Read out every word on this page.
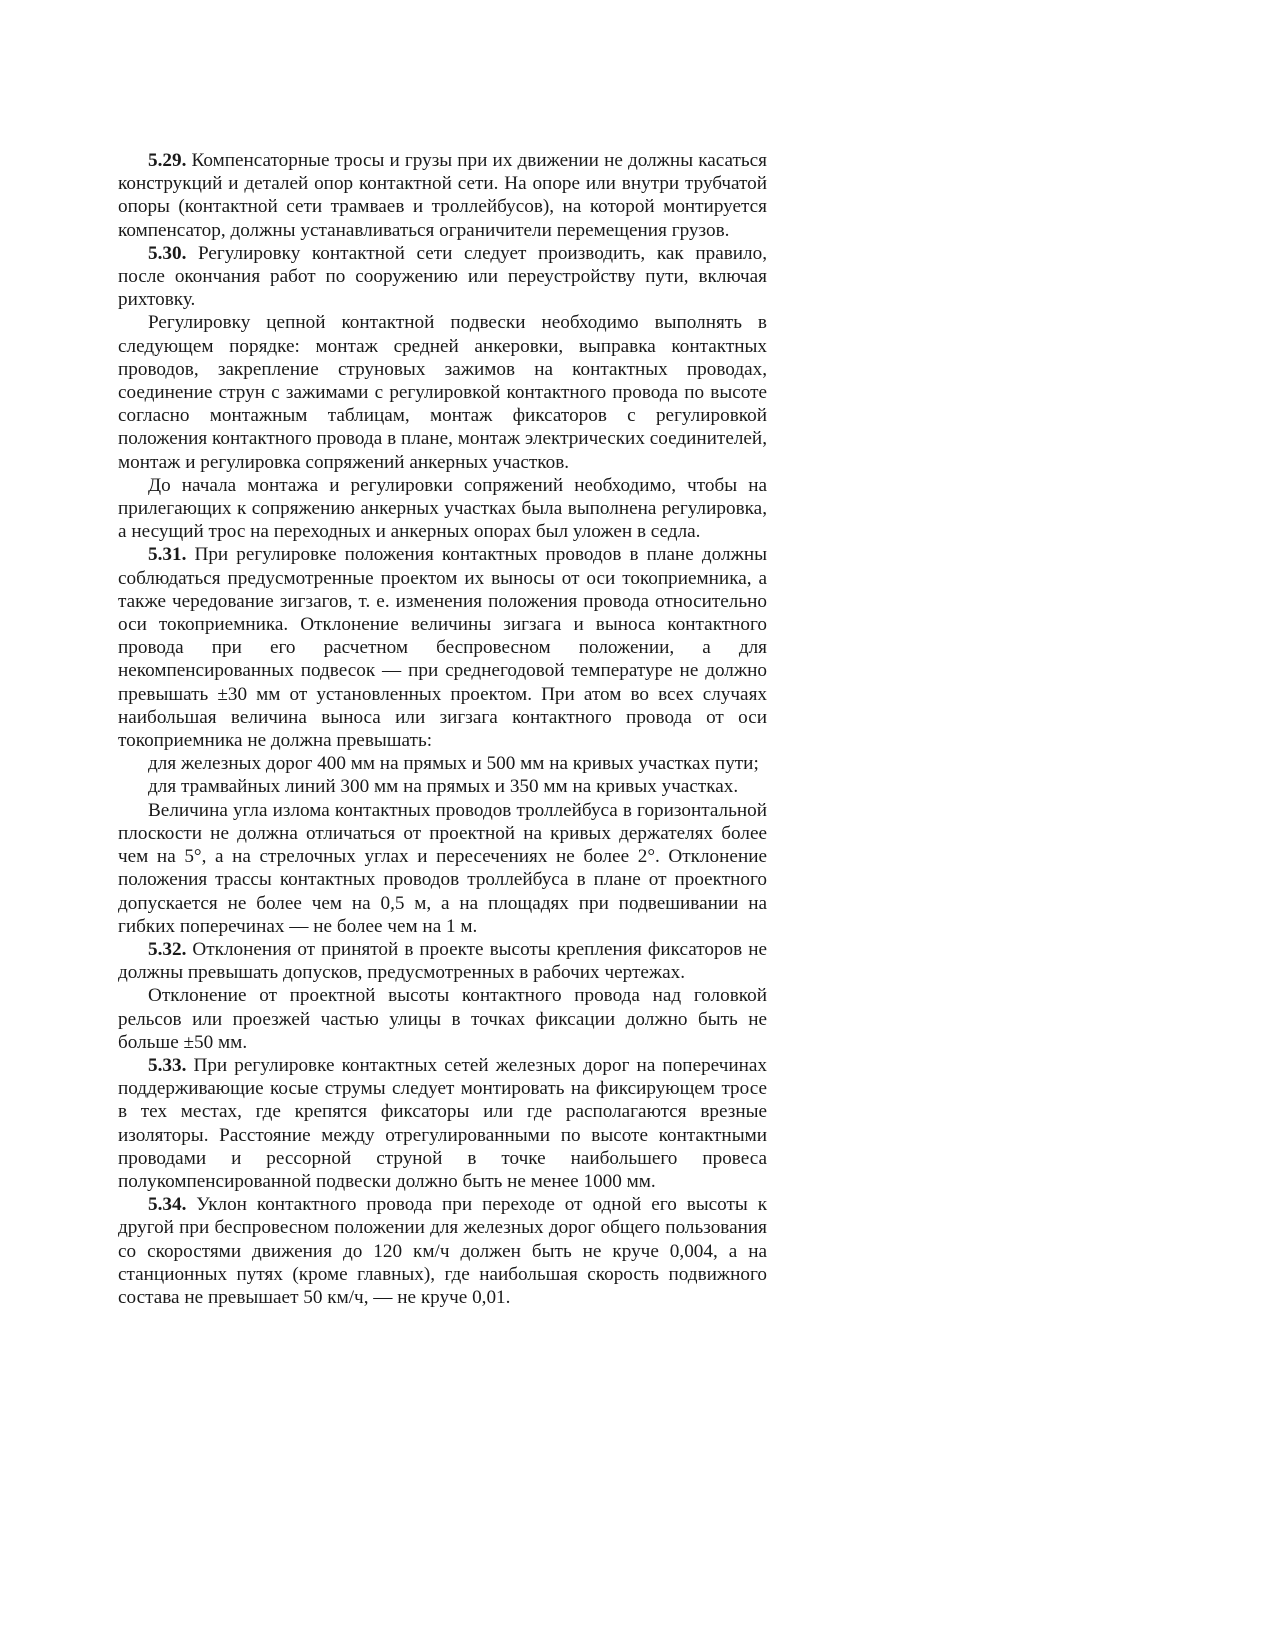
5.29. Компенсаторные тросы и грузы при их движении не должны касаться конструкций и деталей опор контактной сети. На опоре или внутри трубчатой опоры (контактной сети трамваев и троллейбусов), на которой монтируется компенсатор, должны устанавливаться ограничители перемещения грузов.

5.30. Регулировку контактной сети следует производить, как правило, после окончания работ по сооружению или переустройству пути, включая рихтовку.

Регулировку цепной контактной подвески необходимо выполнять в следующем порядке: монтаж средней анкеровки, выправка контактных проводов, закрепление струновых зажимов на контактных проводах, соединение струн с зажимами с регулировкой контактного провода по высоте согласно монтажным таблицам, монтаж фиксаторов с регулировкой положения контактного провода в плане, монтаж электрических соединителей, монтаж и регулировка сопряжений анкерных участков.

До начала монтажа и регулировки сопряжений необходимо, чтобы на прилегающих к сопряжению анкерных участках была выполнена регулировка, а несущий трос на переходных и анкерных опорах был уложен в седла.

5.31. При регулировке положения контактных проводов в плане должны соблюдаться предусмотренные проектом их выносы от оси токоприемника, а также чередование зигзагов, т. е. изменения положения провода относительно оси токоприемника. Отклонение величины зигзага и выноса контактного провода при его расчетном беспровесном положении, а для некомпенсированных подвесок — при среднегодовой температуре не должно превышать ±30 мм от установленных проектом. При атом во всех случаях наибольшая величина выноса или зигзага контактного провода от оси токоприемника не должна превышать:

для железных дорог 400 мм на прямых и 500 мм на кривых участках пути;

для трамвайных линий 300 мм на прямых и 350 мм на кривых участках.

Величина угла излома контактных проводов троллейбуса в горизонтальной плоскости не должна отличаться от проектной на кривых держателях более чем на 5°, а на стрелочных углах и пересечениях не более 2°. Отклонение положения трассы контактных проводов троллейбуса в плане от проектного допускается не более чем на 0,5 м, а на площадях при подвешивании на гибких поперечинах — не более чем на 1 м.

5.32. Отклонения от принятой в проекте высоты крепления фиксаторов не должны превышать допусков, предусмотренных в рабочих чертежах.

Отклонение от проектной высоты контактного провода над головкой рельсов или проезжей частью улицы в точках фиксации должно быть не больше ±50 мм.

5.33. При регулировке контактных сетей железных дорог на поперечинах поддерживающие косые струмы следует монтировать на фиксирующем тросе в тех местах, где крепятся фиксаторы или где располагаются врезные изоляторы. Расстояние между отрегулированными по высоте контактными проводами и рессорной струной в точке наибольшего провеса полукомпенсированной подвески должно быть не менее 1000 мм.

5.34. Уклон контактного провода при переходе от одной его высоты к другой при беспровесном положении для железных дорог общего пользования со скоростями движения до 120 км/ч должен быть не круче 0,004, а на станционных путях (кроме главных), где наибольшая скорость подвижного состава не превышает 50 км/ч, — не круче 0,01.
